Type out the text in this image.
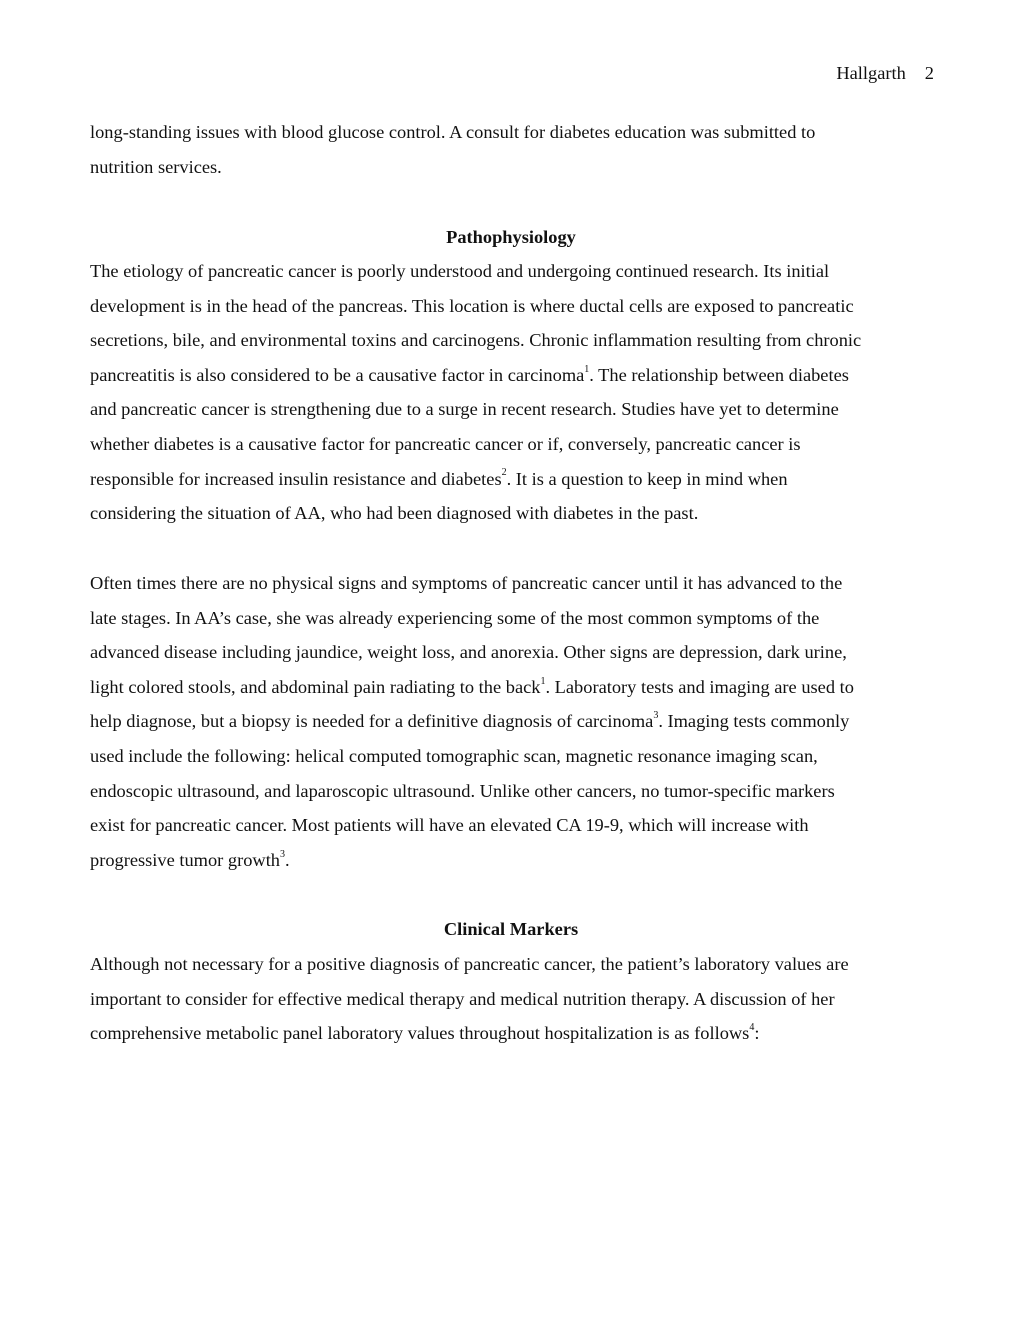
Hallgarth 2
long-standing issues with blood glucose control. A consult for diabetes education was submitted to
nutrition services.
Pathophysiology
The etiology of pancreatic cancer is poorly understood and undergoing continued research. Its initial
development is in the head of the pancreas. This location is where ductal cells are exposed to pancreatic
secretions, bile, and environmental toxins and carcinogens. Chronic inflammation resulting from chronic
pancreatitis is also considered to be a causative factor in carcinoma$^1$. The relationship between diabetes
and pancreatic cancer is strengthening due to a surge in recent research. Studies have yet to determine
whether diabetes is a causative factor for pancreatic cancer or if, conversely, pancreatic cancer is
responsible for increased insulin resistance and diabetes$^2$. It is a question to keep in mind when
considering the situation of AA, who had been diagnosed with diabetes in the past.
Often times there are no physical signs and symptoms of pancreatic cancer until it has advanced to the
late stages. In AA’s case, she was already experiencing some of the most common symptoms of the
advanced disease including jaundice, weight loss, and anorexia. Other signs are depression, dark urine,
light colored stools, and abdominal pain radiating to the back$^1$. Laboratory tests and imaging are used to
help diagnose, but a biopsy is needed for a definitive diagnosis of carcinoma$^3$. Imaging tests commonly
used include the following: helical computed tomographic scan, magnetic resonance imaging scan,
endoscopic ultrasound, and laparoscopic ultrasound. Unlike other cancers, no tumor-specific markers
exist for pancreatic cancer. Most patients will have an elevated CA 19-9, which will increase with
progressive tumor growth$^3$.
Clinical Markers
Although not necessary for a positive diagnosis of pancreatic cancer, the patient’s laboratory values are
important to consider for effective medical therapy and medical nutrition therapy. A discussion of her
comprehensive metabolic panel laboratory values throughout hospitalization is as follows$^4$:
